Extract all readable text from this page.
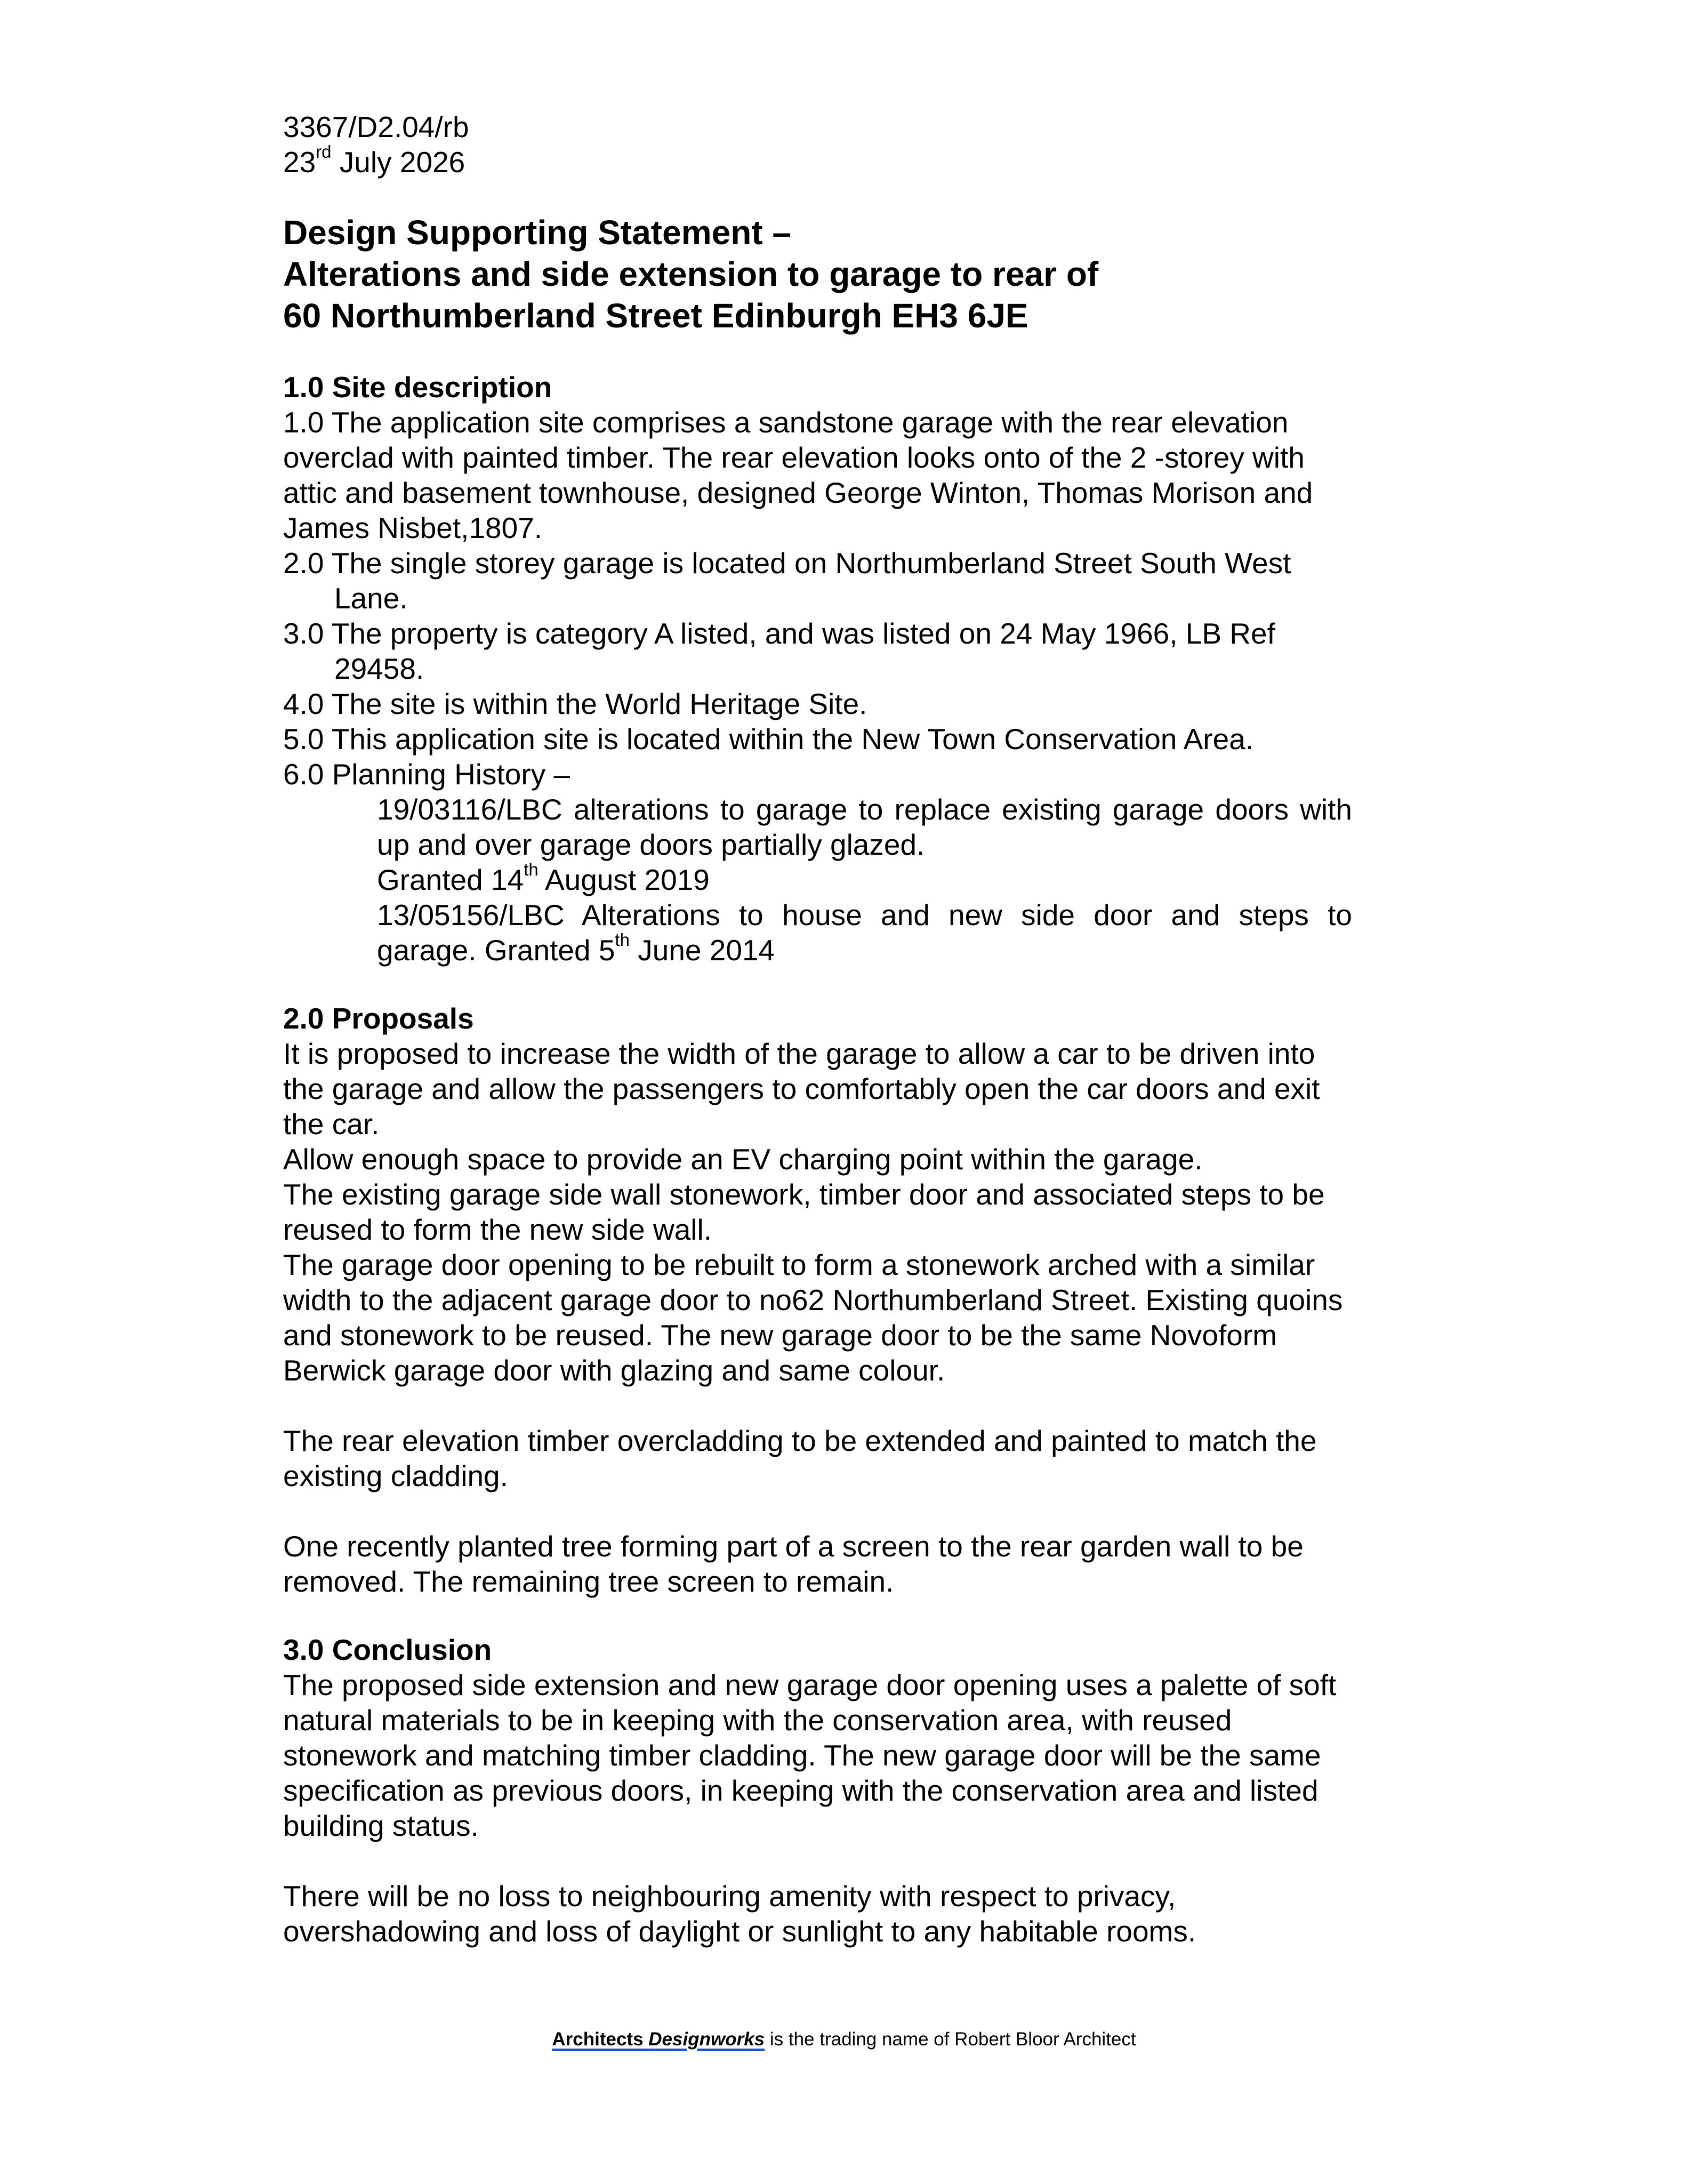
3367/D2.04/rb
23rd July 2026
Design Supporting Statement –
Alterations and side extension to garage to rear of
60 Northumberland Street Edinburgh EH3 6JE
1.0 Site description

1.0 The application site comprises a sandstone garage with the rear elevation overclad with painted timber. The rear elevation looks onto of the 2 -storey with attic and basement townhouse, designed George Winton, Thomas Morison and James Nisbet,1807.

2.0 The single storey garage is located on Northumberland Street South West Lane.

3.0 The property is category A listed, and was listed on 24 May 1966, LB Ref 29458.

4.0 The site is within the World Heritage Site.

5.0 This application site is located within the New Town Conservation Area.

6.0 Planning History –

19/03116/LBC alterations to garage to replace existing garage doors with up and over garage doors partially glazed.

Granted 14th August 2019

13/05156/LBC Alterations to house and new side door and steps to garage. Granted 5th June 2014

2.0 Proposals

It is proposed to increase the width of the garage to allow a car to be driven into the garage and allow the passengers to comfortably open the car doors and exit the car.

Allow enough space to provide an EV charging point within the garage.

The existing garage side wall stonework, timber door and associated steps to be reused to form the new side wall.

The garage door opening to be rebuilt to form a stonework arched with a similar width to the adjacent garage door to no62 Northumberland Street. Existing quoins and stonework to be reused. The new garage door to be the same Novoform Berwick garage door with glazing and same colour.

The rear elevation timber overcladding to be extended and painted to match the existing cladding.

One recently planted tree forming part of a screen to the rear garden wall to be removed. The remaining tree screen to remain.

3.0 Conclusion

The proposed side extension and new garage door opening uses a palette of soft natural materials to be in keeping with the conservation area, with reused stonework and matching timber cladding. The new garage door will be the same specification as previous doors, in keeping with the conservation area and listed building status.

There will be no loss to neighbouring amenity with respect to privacy, overshadowing and loss of daylight or sunlight to any habitable rooms.

Architects Designworks is the trading name of Robert Bloor Architect
